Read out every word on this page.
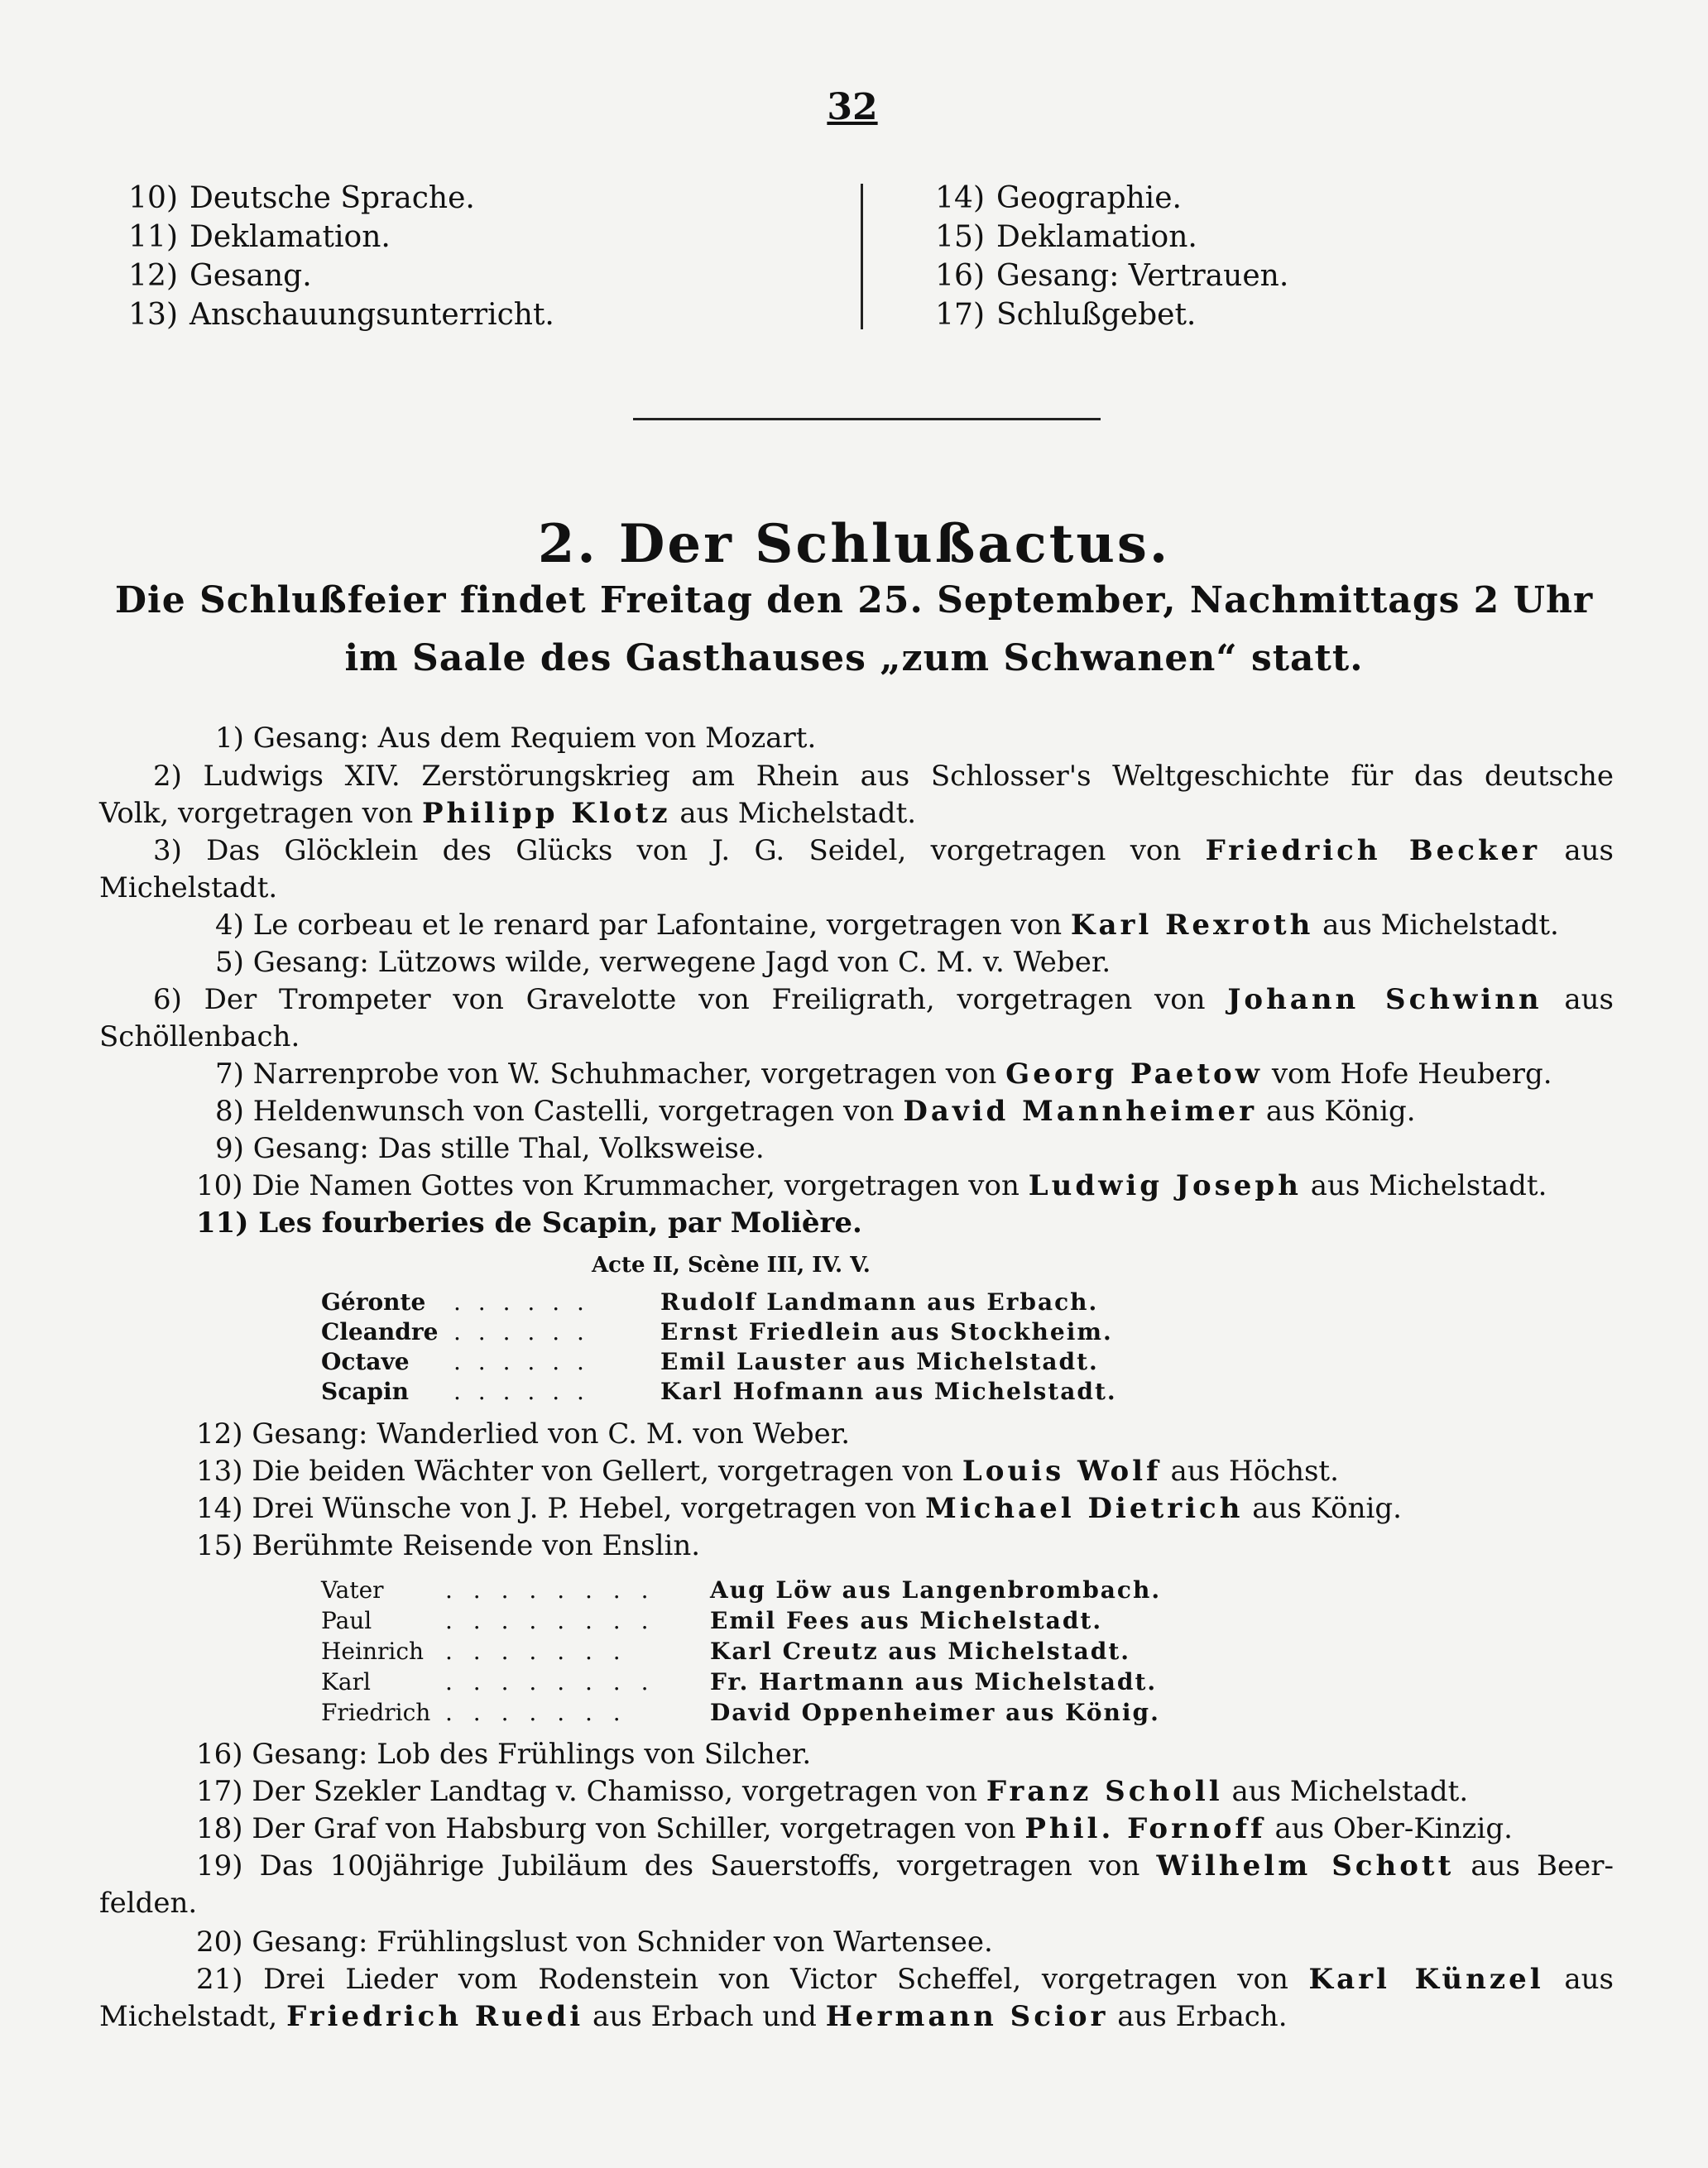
32
10) Deutsche Sprache.
11) Deklamation.
12) Gesang.
13) Anschauungsunterricht.
14) Geographie.
15) Deklamation.
16) Gesang: Vertrauen.
17) Schlußgebet.
2. Der Schlußactus.
Die Schlußfeier findet Freitag den 25. September, Nachmittags 2 Uhr
im Saale des Gasthauses „zum Schwanen“ statt.
1) Gesang: Aus dem Requiem von Mozart.
2) Ludwigs XIV. Zerstörungskrieg am Rhein aus Schlosser's Weltgeschichte für das deutsche
Volk, vorgetragen von Philipp Klotz aus Michelstadt.
3) Das Glöcklein des Glücks von J. G. Seidel, vorgetragen von Friedrich Becker aus
Michelstadt.
4) Le corbeau et le renard par Lafontaine, vorgetragen von Karl Rexroth aus Michelstadt.
5) Gesang: Lützows wilde, verwegene Jagd von C. M. v. Weber.
6) Der Trompeter von Gravelotte von Freiligrath, vorgetragen von Johann Schwinn aus
Schöllenbach.
7) Narrenprobe von W. Schuhmacher, vorgetragen von Georg Paetow vom Hofe Heuberg.
8) Heldenwunsch von Castelli, vorgetragen von David Mannheimer aus König.
9) Gesang: Das stille Thal, Volksweise.
10) Die Namen Gottes von Krummacher, vorgetragen von Ludwig Joseph aus Michelstadt.
11) Les fourberies de Scapin, par Molière.
Acte II, Scène III, IV. V.
Géronte . . . . . .	Rudolf Landmann aus Erbach.
Cleandre . . . . . .	Ernst Friedlein aus Stockheim.
Octave . . . . . .	Emil Lauster aus Michelstadt.
Scapin . . . . . .	Karl Hofmann aus Michelstadt.
12) Gesang: Wanderlied von C. M. von Weber.
13) Die beiden Wächter von Gellert, vorgetragen von Louis Wolf aus Höchst.
14) Drei Wünsche von J. P. Hebel, vorgetragen von Michael Dietrich aus König.
15) Berühmte Reisende von Enslin.
Vater	. . . . . . . . Aug Löw aus Langenbrombach.
Paul	. . . . . . . . Emil Fees aus Michelstadt.
Heinrich . . . . . . .	Karl Creutz aus Michelstadt.
Karl	. . . . . . . . Fr. Hartmann aus Michelstadt.
Friedrich . . . . . . .	David Oppenheimer aus König.
16) Gesang: Lob des Frühlings von Silcher.
17) Der Szekler Landtag v. Chamisso, vorgetragen von Franz Scholl aus Michelstadt.
18) Der Graf von Habsburg von Schiller, vorgetragen von Phil. Fornoff aus Ober-Kinzig.
19) Das 100jährige Jubiläum des Sauerstoffs, vorgetragen von Wilhelm Schott aus Beer-
felden.
20) Gesang: Frühlingslust von Schnider von Wartensee.
21) Drei Lieder vom Rodenstein von Victor Scheffel, vorgetragen von Karl Künzel aus
Michelstadt, Friedrich Ruedi aus Erbach und Hermann Scior aus Erbach.
